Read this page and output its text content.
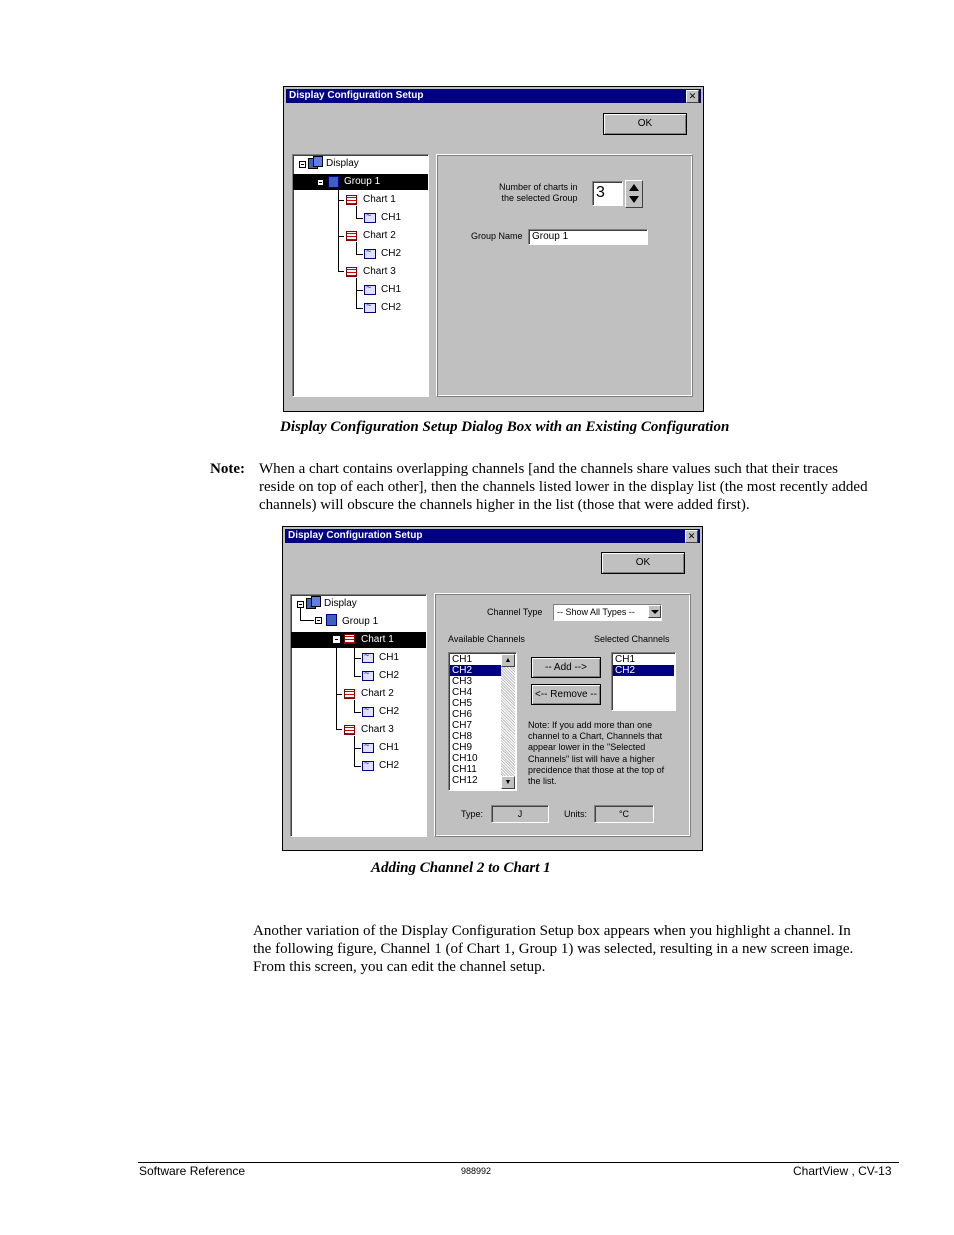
Display Configuration Setup	✕
OK
Display
Group 1
Chart 1
~
CH1
Chart 2
~
CH2
Chart 3
~
CH1
~
CH2
Number of charts in
the selected Group 3
Group Name Group 1
Display Configuration Setup Dialog Box with an Existing Configuration
Note: When a chart contains overlapping channels [and the channels share values such that their traces
reside on top of each other], then the channels listed lower in the display list (the most recently added
channels) will obscure the channels higher in the list (those that were added first).
Display Configuration Setup	✕
OK
Display
Group 1
Chart 1
~
CH1
~
CH2
Chart 2
~
CH2
Chart 3
~
CH1
~
CH2
Channel Type	-- Show All Types --
Available Channels	Selected Channels
CH1
CH2
CH3
CH4
CH5
CH6
CH7
CH8
CH9
CH10
CH11
CH12
▲
▼
CH1
CH2
-- Add -->
<-- Remove --
Note: If you add more than one
channel to a Chart, Channels that
appear lower in the "Selected
Channels" list will have a higher
precidence that those at the top of
the list.
Type:	J	Units:	°C
Adding Channel 2 to Chart 1
Another variation of the Display Configuration Setup box appears when you highlight a channel. In
the following figure, Channel 1 (of Chart 1, Group 1) was selected, resulting in a new screen image.
From this screen, you can edit the channel setup.
Software Reference	988992	ChartView , CV-13
